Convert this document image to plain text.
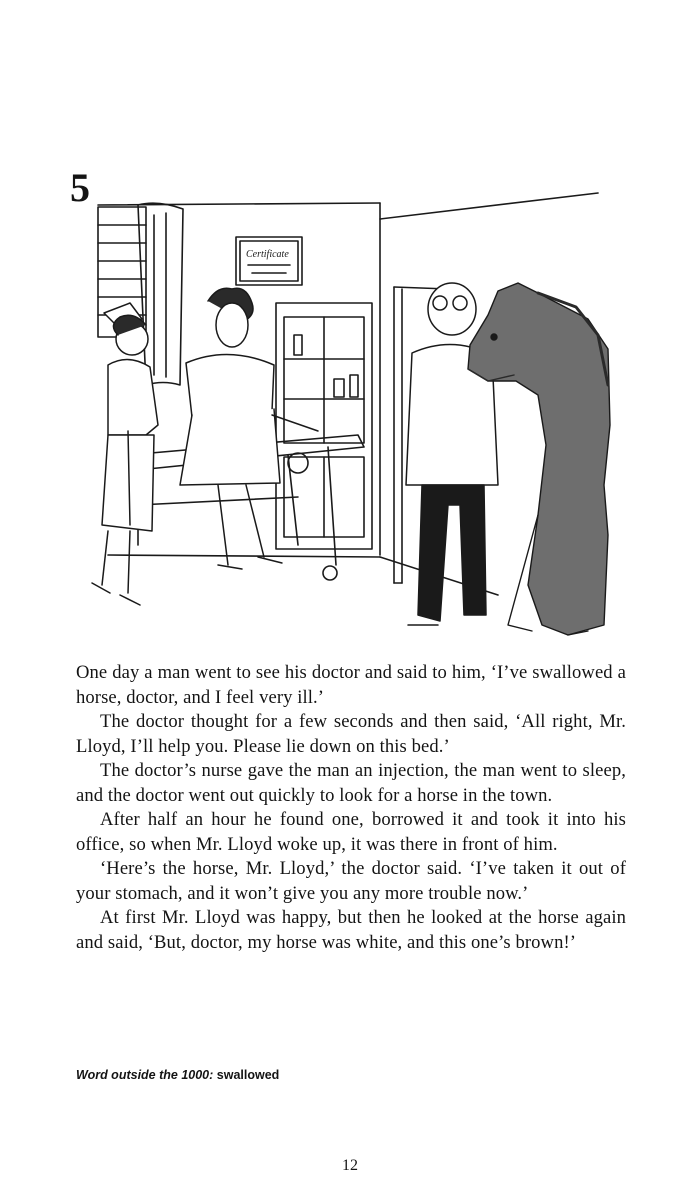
5
Certificate

One day a man went to see his doctor and said to him, ‘I’ve swallowed a horse, doctor, and I feel very ill.’

The doctor thought for a few seconds and then said, ‘All right, Mr. Lloyd, I’ll help you. Please lie down on this bed.’

The doctor’s nurse gave the man an injection, the man went to sleep, and the doctor went out quickly to look for a horse in the town.

After half an hour he found one, borrowed it and took it into his office, so when Mr. Lloyd woke up, it was there in front of him.

‘Here’s the horse, Mr. Lloyd,’ the doctor said. ‘I’ve taken it out of your stomach, and it won’t give you any more trouble now.’

At first Mr. Lloyd was happy, but then he looked at the horse again and said, ‘But, doctor, my horse was white, and this one’s brown!’

Word outside the 1000: swallowed
12
